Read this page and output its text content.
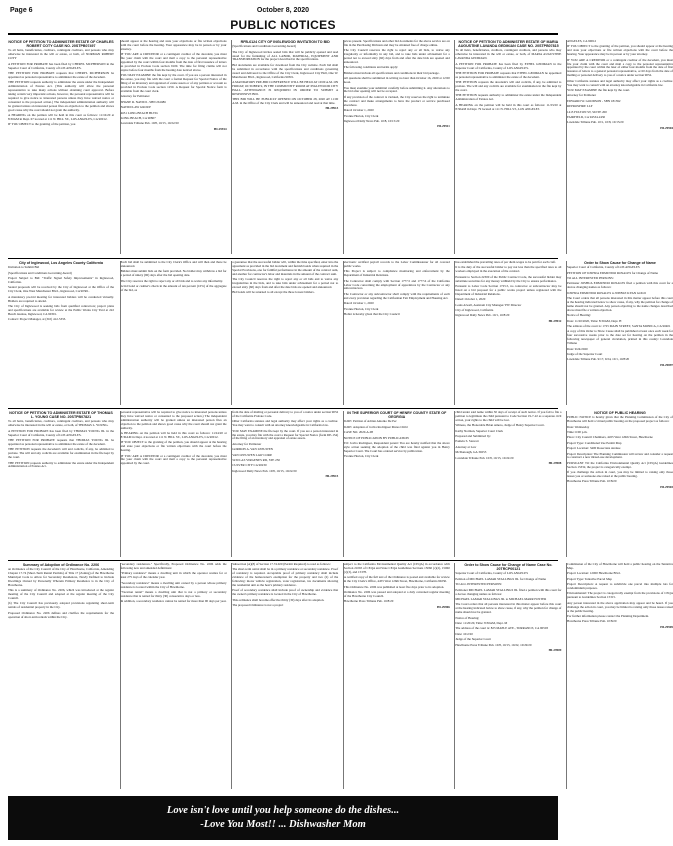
Page 6	October 8, 2020
PUBLIC NOTICES
NOTICE OF PETITION TO ADMINISTER ESTATE OF CHARLES ROBERT COTY CASE NO. 20STPB07497

To all heirs, beneficiaries, creditors, contingent creditors, and persons who may otherwise be interested in the will or estate, or both, of: NORMAN ROBERT COTY

A PETITION FOR PROBATE has been filed by CHERYL MCPHERSON in the Superior Court of California, County of LOS ANGELES.

THE PETITION FOR PROBATE requests that CHERYL MCPHERSON be appointed as personal representative to administer the estate of the decedent.

THE PETITION requests authority to administer the estate under the Independent Administration of Estates Act. (This authority will allow the personal representative to take many actions without obtaining court approval. Before taking certain very important actions, however, the personal representative will be required to give notice to interested persons unless they have waived notice or consented to the proposed action.) The independent administration authority will be granted unless an interested person files an objection to the petition and shows good cause why the court should not grant the authority.

A HEARING on the petition will be held in this court as follows: 11/16/20 at 8:30AM in Dept. 67 located at 111 N. HILL ST., LOS ANGELES, CA 90012.

IF YOU OBJECT to the granting of the petition, you

should appear at the hearing and state your objections or file written objections with the court before the hearing. Your appearance may be in person or by your attorney.

IF YOU ARE A CREDITOR or a contingent creditor of the decedent, you must file your claim with the court and mail a copy to the personal representative appointed by the court within four months from the date of first issuance of letters as provided in Probate Code section 9100. The time for filing claims will not expire before four months from the hearing date noticed above.

YOU MAY EXAMINE the file kept by the court. If you are a person interested in the estate, you may file with the court a formal Request for Special Notice of the filing of an inventory and appraisal of estate assets or of any petition or account as provided in Probate Code section 1250. A Request for Special Notice form is available from the court clerk.

Attorney for Petitioner

SHANE R. NAVIDI - SBN 261686

NAVIDI LAW GROUP

4651 LONG BEACH BLVD.

LONG BEACH, CA 90807

Lawndale Tribune Pub. 10/8, 10/15, 10/22/20

HI-29914
RFB-6124 CITY OF INGLEWOOD INVITATION TO BID

(Specifications and Conditions Governing Award)

The City of Inglewood invites sealed bids that will be publicly opened and read aloud for the furnishing of ALL LABOR, MATERIAL, EQUIPMENT AND TRANSPORTATION for the project described in the specifications.

Bid documents are available for download from the City website. Each bid shall be submitted in accordance with the specifications and conditions governing award and delivered to the Office of the City Clerk, Inglewood City Hall, One W. Manchester Blvd., Inglewood, California 90301.

A MANDATORY PRE-BID CONFERENCE WILL BE HELD AT 10:00 A.M. ON FRIDAY, OCTOBER 9, IN THE COMMUNITY ROOM AT INGLEWOOD CITY HALL. ATTENDANCE IS REQUIRED IN ORDER TO SUBMIT A RESPONSIVE BID.

THIS BID WILL BE PUBLICLY OPENED ON OCTOBER 28, 2020 AT 11:00 A.M. in the Office of the City Clerk and will be announced and read at that time.

HI-29913

prices present. Specifications and other bid documents for the above service are on file in the Purchasing Division and may be obtained free of charge online.

The City Council reserves the right to reject any or all bids, to waive any irregularity or informality in any bid, and to take bids under advisement for a period not to exceed sixty (60) days from and after the date bids are opened and announced.

The following conditions and terms apply:

Bidders must include all specifications and conditions in their bid package.

All questions shall be submitted in writing no later than October 16, 2020 at 12:00 noon.

You must examine your submittal carefully before submitting it. Any alterations to the bid after opening will not be accepted.

If any provision of the contract is violated, the City reserves the right to terminate the contract and make arrangements to have the product or service purchased elsewhere.

Dated: October 1, 2020

Yvonne Horton, City Clerk

Inglewood Daily News Pub. 10/8, 10/15/20

HI-29911
NOTICE OF PETITION TO ADMINISTER ESTATE OF MARIA AUGUSTINE LAVANDA GEDIKIAN CASE NO. 20STPB07815

To all heirs, beneficiaries, creditors, contingent creditors, and persons who may otherwise be interested in the will or estate, or both, of MARIA AUGUSTINE LAVANDA GEDIKIAN.

A PETITION FOR PROBATE has been filed by ETHEL GEDIKIAN in the Superior Court of California, County of LOS ANGELES.

THE PETITION FOR PROBATE requests that ETHEL GEDIKIAN be appointed as personal representative to administer the estate of the decedent.

THE PETITION requests the decedent's will and codicils, if any, be admitted to probate. The will and any codicils are available for examination in the file kept by the court.

THE PETITION requests authority to administer the estate under the Independent Administration of Estates Act.

A HEARING on the petition will be held in this court as follows: 11/23/20 at 8:30AM in Dept. 79 located at 111 N. HILL ST., LOS ANGELES

ANGELES, CA 90012

IF YOU OBJECT to the granting of the petition, you should appear at the hearing and state your objections or file written objections with the court before the hearing. Your appearance may be in person or by your attorney.

IF YOU ARE A CREDITOR or a contingent creditor of the decedent, you must file your claim with the court and mail a copy to the personal representative appointed by the court within the later of either four months from the date of first issuance of letters to a general personal representative, or 60 days from the date of mailing or personal delivery to you of a notice under section 9052.

Other California statutes and legal authority may affect your rights as a creditor. You may want to consult with an attorney knowledgeable in California law.

YOU MAY EXAMINE the file kept by the court.

Attorney for Petitioner

EDWARD W. GOODSON - SBN 181392

REPROSPIRE LLP

1415 FULTON ST, SUITE 200

FAIRFIELD, CA 94534-2430

Lawndale Tribune Pub. 10/1, 10/8, 10/15/20

HI-29904
City of Inglewood, Los Angeles County California

Invitation to Submit Bid

(Specifications and Conditions Governing Award)

Project Subject to Bid: "Traffic Signal Safety Improvements" in Inglewood, California.

Sealed proposals will be received by the City of Inglewood at the Office of the City Clerk, One West Manchester Blvd., Inglewood, CA 90301.

A mandatory pre-bid meeting for interested bidders will be conducted virtually. Bidders are required to attend.

The City of Inglewood is seeking bids from qualified contractors; project plans and specifications are available for review at the Public Works City Yard at 222 Beach Avenue, Inglewood, CA 90301.

Contact: Project Manager, at (310) 412-5333.

Each bid shall be submitted to the City Clerk's Office and will then and there be announced.

Bidders must submit bids on the form provided. No bidder may withdraw a bid for a period of ninety (90) days after the bid opening date.

The City reserves the right to reject any or all bids and to waive any informality.

A bid bond or cashier's check in the amount of ten percent (10%) of the aggregate of the bid, as

a guarantee that the successful bidder will, within the time specified, enter into the agreement as provided in the bid document and furnish bonds when required in the Special Provisions, one for faithful performance in the amount of the contract sum, and another for contractor's labor and materials in the amount of the contract sum.

The City Council reserves the right to reject any or all bids and to waive any irregularities in the bids, and to take bids under advisement for a period not to exceed sixty (60) days from and after the date bids are opened and announced.

Bid bonds will be returned to all except the three lowest bidders.

electronic certified payroll records to the Labor Commissioner for all covered public works.

This Project is subject to compliance monitoring and enforcement by the Department of Industrial Relations.

The Contractor shall comply with Section 1777.5 and 1777.6 of the California Labor Code concerning the employment of apprentices by the Contractor or any subcontractors.

The Contractor or any subcontractor shall comply with the requirements of each and every provision regarding the Californian Fair Employment and Housing Act.

Dated: October 1, 2020

Yvonne Horton, City Clerk

Holler is hereby given that the City Council

has established the prevailing rates of per diem wages to be paid for each craft.

It is the duty of the successful bidder to pay not less than the specified rates to all workers employed in the execution of the contract.

Pursuant to Section 22300 of the Public Contract Code, the successful bidder may substitute securities for any money withheld by the City to ensure performance.

Pursuant to Labor Code Section 1725.5, no contractor or subcontractor may be listed on a bid proposal for a public works project unless registered with the Department of Industrial Relations.

Dated: October 1, 2020

Louis Atwell, Assistant City Manager/ PW Director

City of Inglewood, California

Inglewood Daily News Pub. 10/1, 10/8/20

HI-29912
Order to Show Cause for Change of Name

Superior Court of California, County of LOS ANGELES

PETITION OF JOSHUA EDMUNDO ROSALES for Change of Name

TO ALL INTERESTED PERSONS:

Petitioner JOSHUA EDMUNDO ROSALES filed a petition with this court for a decree changing names as follows:

JOSHUA EDMUNDO ROSALES to NIEBLE KYAN GOLD

The Court orders that all persons interested in this matter appear before this court at the hearing indicated below to show cause, if any, why the petition for change of name should not be granted. Any person objecting to the name changes described above must file a written objection.

Notice of Hearing:

Date: 11/20/2020, Time: 8:30AM, Dept. H

The address of the court is: 1725 MAIN STREET, SANTA MONICA, CA 90401

A copy of this Order to Show Cause shall be published at least once each week for four successive weeks prior to the date set for hearing on the petition in the following newspaper of general circulation, printed in this county: Lawndale Tribune

Date: 9/24/2020

Judge of the Superior Court

Lawndale Tribune Pub. 9/17, 9/24, 10/1, 10/8/20

HI-29897
NOTICE OF PETITION TO ADMINISTER ESTATE OF THOMAS L. YOUNG CASE NO. 20STPB07821

To all heirs, beneficiaries, creditors, contingent creditors, and persons who may otherwise be interested in the will or estate, or both, of THOMAS L. YOUNG.

A PETITION FOR PROBATE has been filed by THOMAS YOUNG JR. in the Superior Court of California, County of LOS ANGELES.

THE PETITION FOR PROBATE requests that THOMAS YOUNG JR. be appointed as personal representative to administer the estate of the decedent.

THE PETITION requests the decedent's will and codicils, if any, be admitted to probate. The will and any codicils are available for examination in the file kept by the court.

THE PETITION requests authority to administer the estate under the Independent Administration of Estates Act.

personal representative will be required to give notice to interested persons unless they have waived notice or consented to the proposed action.) The independent administration authority will be granted unless an interested person files an objection to the petition and shows good cause why the court should not grant the authority.

A HEARING on the petition will be held in this court as follows: 11/24/20 at 8:30AM in Dept. 4 located at 111 N. HILL ST., LOS ANGELES, CA 90012.

IF YOU OBJECT to the granting of the petition, you should appear at the hearing and state your objections or file written objections with the court before the hearing.

IF YOU ARE A CREDITOR or a contingent creditor of the decedent, you must file your claim with the court and mail a copy to the personal representative appointed by the court.

from the date of mailing or personal delivery to you of a notice under section 9052 of the California Probate Code.

Other California statutes and legal authority may affect your rights as a creditor. You may want to consult with an attorney knowledgeable in California law.

YOU MAY EXAMINE the file kept by the court. If you are a person interested in the estate, you may file with the court a Request for Special Notice (form DE-154) of the filing of an inventory and appraisal of estate assets.

Attorney for Petitioner

GORDON A. VAN LEEUWEN

VAN LEEUWEN LAW CORP.

5230 LAS VIRGENES RD, STE 250

CULVER CITY CA 90230

Inglewood Daily News Pub. 10/8, 10/15, 10/22/20

HI-29915
IN THE SUPERIOR COURT OF HENRY COUNTY STATE OF GEORGIA

In RE: Petition of Adrian Antonio De Pec

In RE: Adoption of Jovita Rodriguez Mares Child

CASE NO. 2020-A-08

NOTICE OF PUBLICATION BY PUBLICATION

TO: Jovita Rodriguez, Respondent parent: You are hereby notified that the above style action seeking the adoption of the child was filed against you in Henry Superior Court. The Court has ordered service by publication.

Yvonne Horton, City Clerk

child under said name within 30 days of receipt of such notice. If you fail to file a petition to legitimate the child pursuant to Code Section 19-7-22 as a separate civil action, your rights to the child will be lost.

Witness, the Honorable Brian Amero, Judge of Henry Superior Court.

Kathy Norman, Superior Court Clerk

Prepared and Submitted by:

Pamela S. Stewart

Attorney at Law

McDonough, GA 30253

Lawndale Tribune Pub. 10/8, 10/15, 10/22/20

HI-29908
NOTICE OF PUBLIC HEARING

PUBLIC NOTICE is hereby given that the Planning Commission of the City of Hawthorne will hold a virtual public hearing on the proposed project as follows:

Date: Wednesday

Time: 6:00 p.m.

Place: City Council Chambers, 4455 West 126th Street, Hawthorne

Project Type: Conditional Use Permit Map

Project Location: 3400 Rosecrans Avenue

Project Description: The Planning Commission will review and consider a request to construct a new mixed-use development.

PURSUANT TO the California Environmental Quality Act (CEQA) Guidelines Section 15332, the project is categorically exempt.

If you challenge the action in court, you may be limited to raising only those issues you or someone else raised at the public hearing.

Hawthorne Press Tribune Pub. 10/8/20

HI-29903
Summary of Adoption of Ordinance No. 2206

an Ordinance of the City Council of the City of Hawthorne, California, Amending Chapter 17.74 (Short-Term Rental Permits) of Title 17 (Zoning) of the Hawthorne Municipal Code to Allow for Secondary Residences, Newly Defined to Include Dwellings Owned by Personally Wherein Primary Residence is in the City of Hawthorne.

This is a summary of Ordinance No. 2206, which was introduced at the regular meeting of the City Council and adopted at the regular meeting of the City Council.

(b) The City Council has previously adopted provisions regulating short-term rentals of residential property in the City.

Proposed Ordinance No. 2206 defines and clarifies the requirements for the operation of short-term rentals within the City.

"secondary residences." Specifically, Proposed Ordinance No. 2206 adds the following new and amended definitions:

"Primary residence" means a dwelling unit in which the operator resides for at least 275 days of the calendar year.

"Secondary residence" means a dwelling unit owned by a person whose primary residence is located within the City of Hawthorne.

"Vacation rental" means a dwelling unit that is not a primary or secondary residence that is rented for thirty (30) consecutive days or less.

In addition, a secondary residence cannot be rented for more than 90 days per year.

Subsection (A)(8) of Section 17.74.020 (Permit Required) to read as follows:

The short-term rental shall be in a primary residence or secondary residence. Proof of residency is required. Acceptable proof of primary residency shall include evidence of the homeowner's exemption for the property and two (2) of the following: motor vehicle registration, voter registration, tax documents showing the residential unit as the host's primary residence.

Proof of secondary residence shall include proof of ownership and evidence that the owner's primary residence is located in the City of Hawthorne.

This ordinance shall become effective thirty (30) days after its adoption.

The proposed Ordinance is not a project

subject to the California Environmental Quality Act (CEQA) in accordance with Section 21065 of CEQA and State CEQA Guidelines Sections 15060 (c)(2), 15060 (c)(3), and 15378.

A certified copy of the full text of the Ordinance is posted and available for review in the City Clerk's Office, 4455 West 126th Street, Hawthorne, California 90250.

This Ordinance No. 2206 was published at least five days prior to its adoption.

Ordinance No. 2206 was passed and adopted at a duly convened regular meeting of the Hawthorne City Council.

Hawthorne Press Tribune Pub. 10/8/20

HI-29906
Order to Show Cause for Change of Name Case No. 20TRCP00121

Superior Court of California, County of LOS ANGELES

Petition of MICHAEL LAMAR STALLINGS JR. for Change of Name

TO ALL INTERESTED PERSONS:

Petitioner MICHAEL LAMAR STALLINGS JR. filed a petition with this court for a decree changing names as follows:

MICHAEL LAMAR STALLINGS JR. to MICHAEL MARR FOSTER

The Court orders that all persons interested in this matter appear before this court at the hearing indicated below to show cause, if any, why the petition for change of name should not be granted.

Notice of Hearing:

Date: 11/20/20, Time: 8:30AM, Dept. M

The address of the court is: 825 MAPLE AVE., TORRANCE, CA 90503

Date: 10/2/20

Judge of the Superior Court

Hawthorne Press Tribune Pub. 10/8, 10/15, 10/22, 10/29/20

HI-29909

Commission of the City of Hawthorne will hold a public hearing on the Tentative Map.

Project Location: 12000 Hawthorne Blvd.

Project Type: Tentative Parcel Map

Project Description: A request to subdivide one parcel into multiple lots for condominium purposes.

Environmental: The project is categorically exempt from the provisions of CEQA pursuant to Guidelines Section 15315.

Any person interested in the above application may appear and be heard. If you challenge the action in court, you may be limited to raising only those issues raised at the public hearing.

For further information please contact the Planning Department.

Hawthorne Press Tribune Pub. 10/8/20

HI-29905
Love isn't love until you help someone do the dishes...
-Love You Most!! ... Dishwasher Mom
